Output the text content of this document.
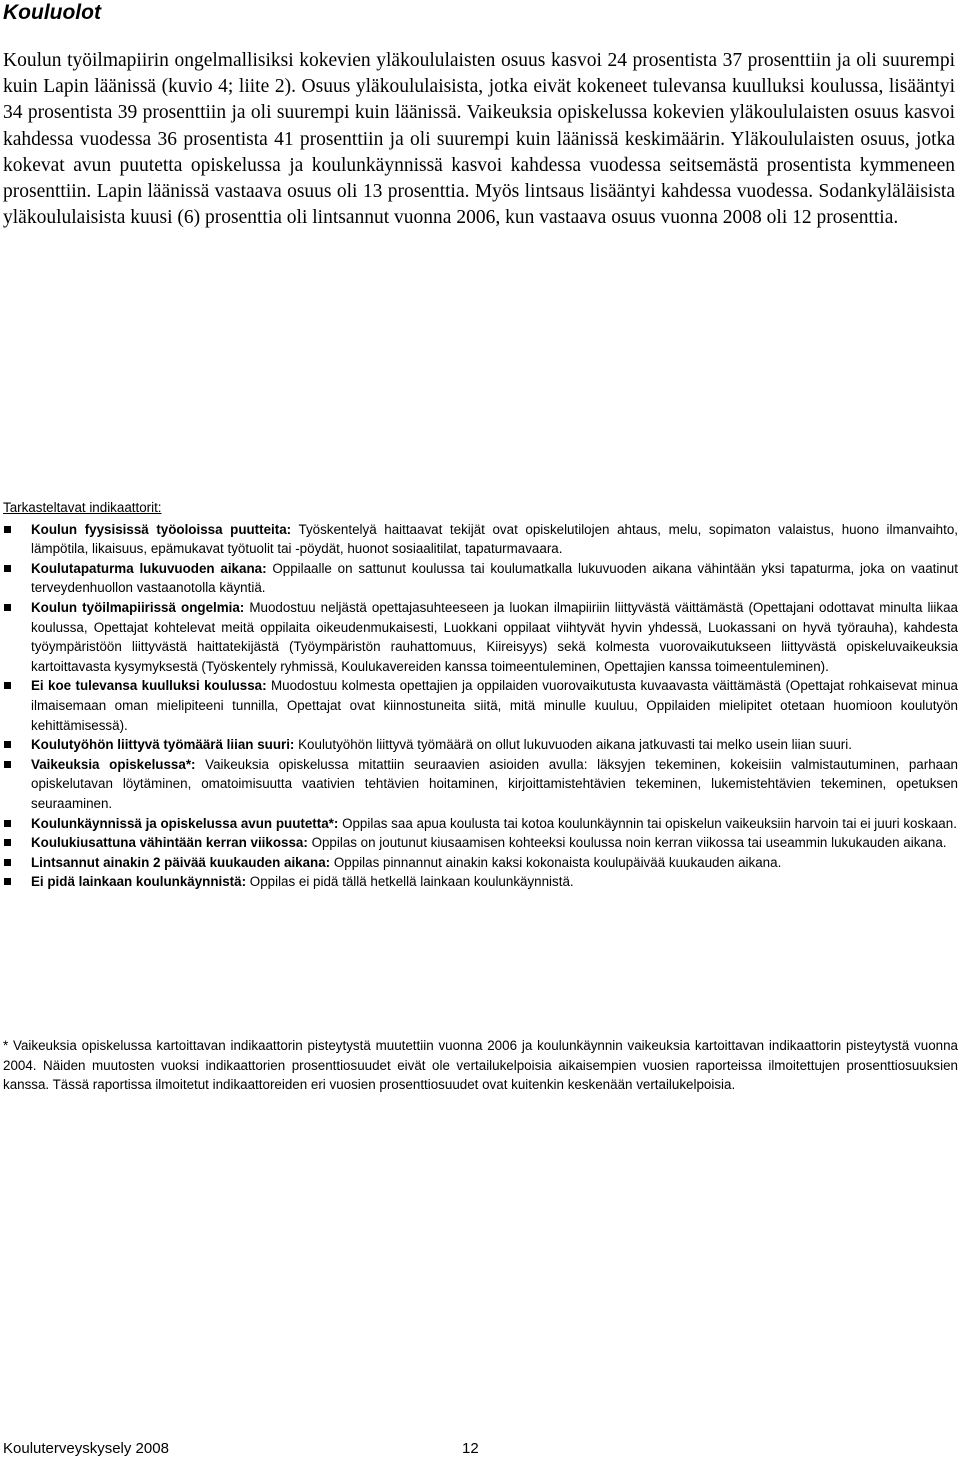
Kouluolot

Koulun työilmapiirin ongelmallisiksi kokevien yläkoululaisten osuus kasvoi 24 prosentista 37 prosenttiin ja oli suurempi kuin Lapin läänissä (kuvio 4; liite 2). Osuus yläkoululaisista, jotka eivät kokeneet tulevansa kuulluksi koulussa, lisääntyi 34 prosentista 39 prosenttiin ja oli suurempi kuin läänissä. Vaikeuksia opiskelussa kokevien yläkoululaisten osuus kasvoi kahdessa vuodessa 36 prosentista 41 prosenttiin ja oli suurempi kuin läänissä keskimäärin. Yläkoululaisten osuus, jotka kokevat avun puutetta opiskelussa ja koulunkäynnissä kasvoi kahdessa vuodessa seitsemästä prosentista kymmeneen prosenttiin. Lapin läänissä vastaava osuus oli 13 prosenttia. Myös lintsaus lisääntyi kahdessa vuodessa. Sodankyläläisista yläkoululaisista kuusi (6) prosenttia oli lintsannut vuonna 2006, kun vastaava osuus vuonna 2008 oli 12 prosenttia.

Tarkasteltavat indikaattorit:

Koulun fyysisissä työoloissa puutteita: Työskentelyä haittaavat tekijät ovat opiskelutilojen ahtaus, melu, sopimaton valaistus, huono ilmanvaihto, lämpötila, likaisuus, epämukavat työtuolit tai -pöydät, huonot sosiaalitilat, tapaturmavaara.
Koulutapaturma lukuvuoden aikana: Oppilaalle on sattunut koulussa tai koulumatkalla lukuvuoden aikana vähintään yksi tapaturma, joka on vaatinut terveydenhuollon vastaanotolla käyntiä.
Koulun työilmapiirissä ongelmia: Muodostuu neljästä opettajasuhteeseen ja luokan ilmapiiriin liittyvästä väittämästä (Opettajani odottavat minulta liikaa koulussa, Opettajat kohtelevat meitä oppilaita oikeudenmukaisesti, Luokkani oppilaat viihtyvät hyvin yhdessä, Luokassani on hyvä työrauha), kahdesta työympäristöön liittyvästä haittatekijästä (Työympäristön rauhattomuus, Kiireisyys) sekä kolmesta vuorovaikutukseen liittyvästä opiskeluvaikeuksia kartoittavasta kysymyksestä (Työskentely ryhmissä, Koulukavereiden kanssa toimeentuleminen, Opettajien kanssa toimeentuleminen).
Ei koe tulevansa kuulluksi koulussa: Muodostuu kolmesta opettajien ja oppilaiden vuorovaikutusta kuvaavasta väittämästä (Opettajat rohkaisevat minua ilmaisemaan oman mielipiteeni tunnilla, Opettajat ovat kiinnostuneita siitä, mitä minulle kuuluu, Oppilaiden mielipitet otetaan huomioon koulutyön kehittämisessä).
Koulutyöhön liittyvä työmäärä liian suuri: Koulutyöhön liittyvä työmäärä on ollut lukuvuoden aikana jatkuvasti tai melko usein liian suuri.
Vaikeuksia opiskelussa*: Vaikeuksia opiskelussa mitattiin seuraavien asioiden avulla: läksyjen tekeminen, kokeisiin valmistautuminen, parhaan opiskelutavan löytäminen, omatoimisuutta vaativien tehtävien hoitaminen, kirjoittamistehtävien tekeminen, lukemistehtävien tekeminen, opetuksen seuraaminen.
Koulunkäynnissä ja opiskelussa avun puutetta*: Oppilas saa apua koulusta tai kotoa koulunkäynnin tai opiskelun vaikeuksiin harvoin tai ei juuri koskaan.
Koulukiusattuna vähintään kerran viikossa: Oppilas on joutunut kiusaamisen kohteeksi koulussa noin kerran viikossa tai useammin lukukauden aikana.
Lintsannut ainakin 2 päivää kuukauden aikana: Oppilas pinnannut ainakin kaksi kokonaista koulupäivää kuukauden aikana.
Ei pidä lainkaan koulunkäynnistä: Oppilas ei pidä tällä hetkellä lainkaan koulunkäynnistä.

* Vaikeuksia opiskelussa kartoittavan indikaattorin pisteytystä muutettiin vuonna 2006 ja koulunkäynnin vaikeuksia kartoittavan indikaattorin pisteytystä vuonna 2004. Näiden muutosten vuoksi indikaattorien prosenttiosuudet eivät ole vertailukelpoisia aikaisempien vuosien raporteissa ilmoitettujen prosenttiosuuksien kanssa. Tässä raportissa ilmoitetut indikaattoreiden eri vuosien prosenttiosuudet ovat kuitenkin keskenään vertailukelpoisia.

Kouluterveyskysely 2008	12
